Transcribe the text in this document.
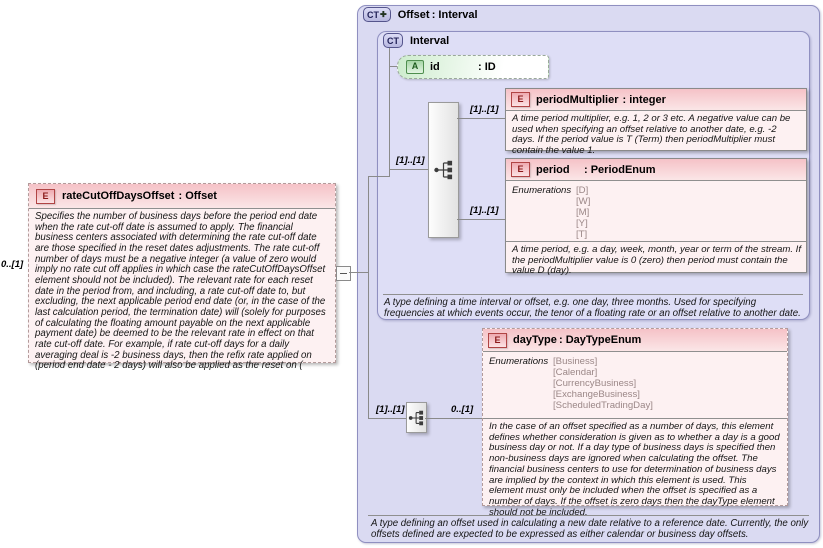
CT ✚ Offset : Interval
A type defining an offset used in calculating a new date relative to a reference date. Currently, the only offsets defined are expected to be expressed as either calendar or business day offsets.
CT Interval
A type defining a time interval or offset, e.g. one day, three months. Used for specifying frequencies at which events occur, the tenor of a floating rate or an offset relative to another date.
A	id	: ID
E	periodMultiplier : integer
A time period multiplier, e.g. 1, 2 or 3 etc. A negative value can be used when specifying an offset relative to another date, e.g. -2 days. If the period value is T (Term) then periodMultiplier must contain the value 1.
E	period	: PeriodEnum
Enumerations [D]
[W]
[M]
[Y]
[T]
A time period, e.g. a day, week, month, year or term of the stream. If the periodMultiplier value is 0 (zero) then period must contain the value D (day).
E	dayType : DayTypeEnum
Enumerations [Business]
[Calendar]
[CurrencyBusiness]
[ExchangeBusiness]
[ScheduledTradingDay]
In the case of an offset specified as a number of days, this element defines whether consideration is given as to whether a day is a good business day or not. If a day type of business days is specified then non-business days are ignored when calculating the offset. The financial business centers to use for determination of business days are implied by the context in which this element is used. This element must only be included when the offset is specified as a number of days. If the offset is zero days then the dayType element should not be included.
E	rateCutOffDaysOffset : Offset
Specifies the number of business days before the period end date when the rate cut-off date is assumed to apply. The financial business centers associated with determining the rate cut-off date are those specified in the reset dates adjustments. The rate cut-off number of days must be a negative integer (a value of zero would imply no rate cut off applies in which case the rateCutOffDaysOffset element should not be included). The relevant rate for each reset date in the period from, and including, a rate cut-off date to, but excluding, the next applicable period end date (or, in the case of the last calculation period, the termination date) will (solely for purposes of calculating the floating amount payable on the next applicable payment date) be deemed to be the relevant rate in effect on that rate cut-off date. For example, if rate cut-off days for a daily averaging deal is -2 business days, then the refix rate applied on (period end date - 2 days) will also be applied as the reset on (
0..[1]
[1]..[1]
[1]..[1]
[1]..[1]
[1]..[1]	0..[1]
